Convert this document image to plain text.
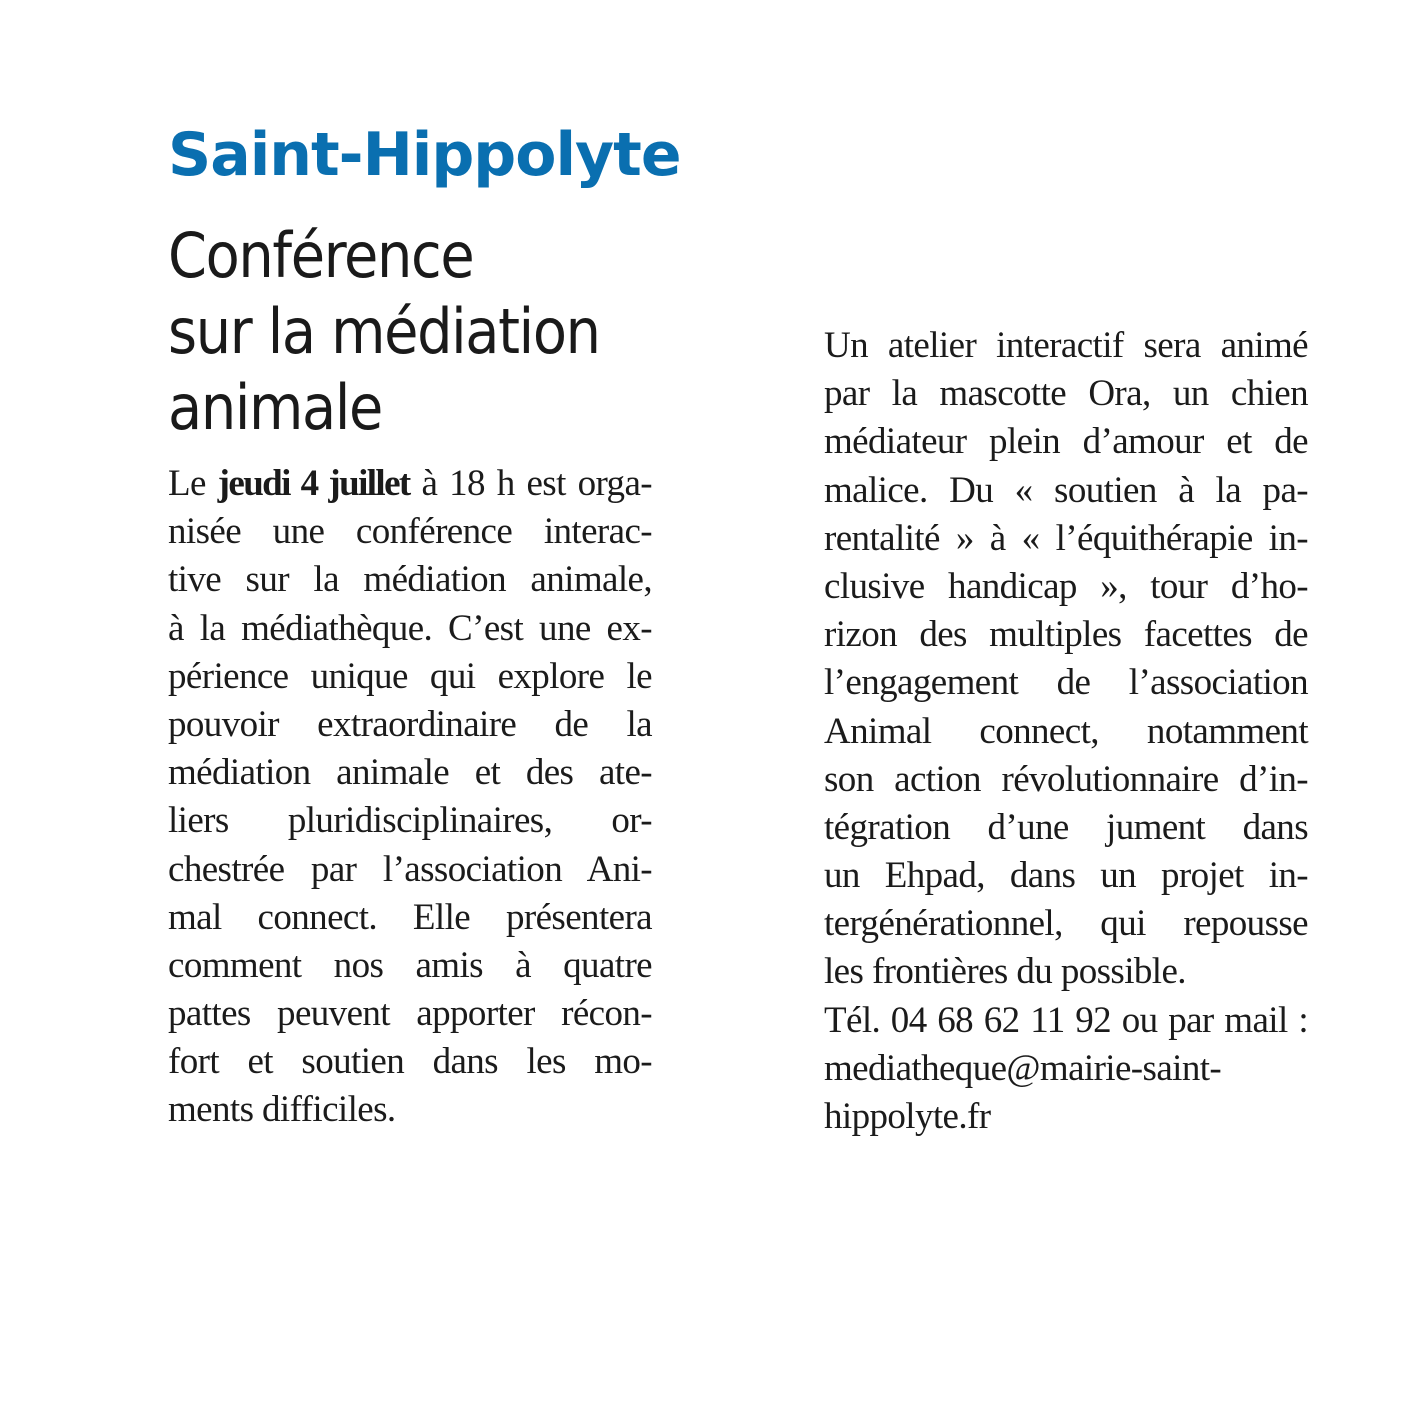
Saint-Hippolyte
Conférence
sur la médiation
animale
Le jeudi 4 juillet à 18 h est orga-
nisée une conférence interac-
tive sur la médiation animale,
à la médiathèque. C’est une ex-
périence unique qui explore le
pouvoir extraordinaire de la
médiation animale et des ate-
liers pluridisciplinaires, or-
chestrée par l’association Ani-
mal connect. Elle présentera
comment nos amis à quatre
pattes peuvent apporter récon-
fort et soutien dans les mo-
ments difficiles.
Un atelier interactif sera animé
par la mascotte Ora, un chien
médiateur plein d’amour et de
malice. Du « soutien à la pa-
rentalité » à « l’équithérapie in-
clusive handicap », tour d’ho-
rizon des multiples facettes de
l’engagement de l’association
Animal connect, notamment
son action révolutionnaire d’in-
tégration d’une jument dans
un Ehpad, dans un projet in-
tergénérationnel, qui repousse
les frontières du possible.
Tél. 04 68 62 11 92 ou par mail :
mediatheque@mairie-saint-
hippolyte.fr
